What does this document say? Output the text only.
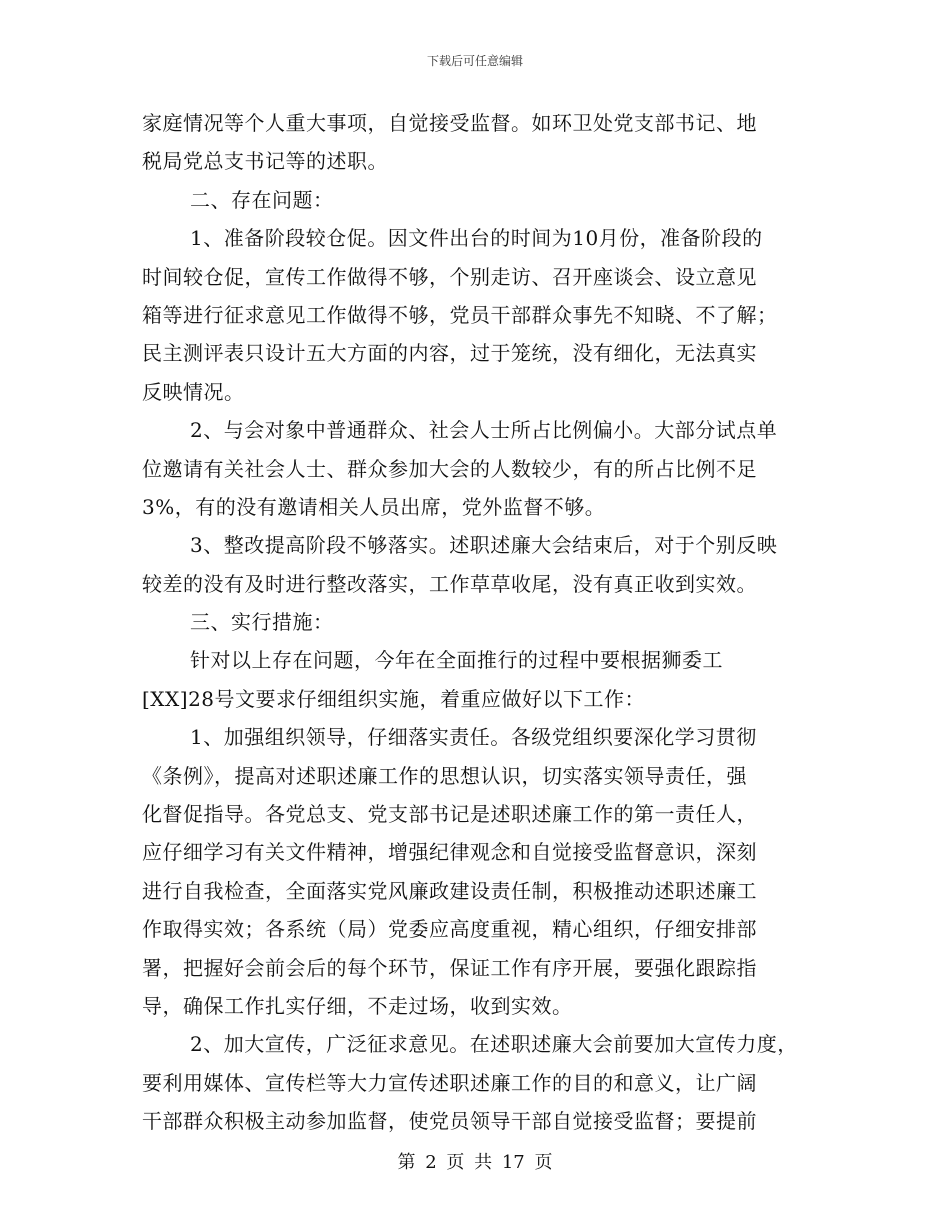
下载后可任意编辑
家庭情况等个人重大事项，自觉接受监督。如环卫处党支部书记、地
税局党总支书记等的述职。
二、存在问题：
1、准备阶段较仓促。因文件出台的时间为10月份，准备阶段的
时间较仓促，宣传工作做得不够，个别走访、召开座谈会、设立意见
箱等进行征求意见工作做得不够，党员干部群众事先不知晓、不了解；
民主测评表只设计五大方面的内容，过于笼统，没有细化，无法真实
反映情况。
2、与会对象中普通群众、社会人士所占比例偏小。大部分试点单
位邀请有关社会人士、群众参加大会的人数较少，有的所占比例不足
3%，有的没有邀请相关人员出席，党外监督不够。
3、整改提高阶段不够落实。述职述廉大会结束后，对于个别反映
较差的没有及时进行整改落实，工作草草收尾，没有真正收到实效。
三、实行措施：
针对以上存在问题，今年在全面推行的过程中要根据狮委工
[XX]28号文要求仔细组织实施，着重应做好以下工作：
1、加强组织领导，仔细落实责任。各级党组织要深化学习贯彻
《条例》，提高对述职述廉工作的思想认识，切实落实领导责任，强
化督促指导。各党总支、党支部书记是述职述廉工作的第一责任人，
应仔细学习有关文件精神，增强纪律观念和自觉接受监督意识，深刻
进行自我检查，全面落实党风廉政建设责任制，积极推动述职述廉工
作取得实效；各系统（局）党委应高度重视，精心组织，仔细安排部
署，把握好会前会后的每个环节，保证工作有序开展，要强化跟踪指
导，确保工作扎实仔细，不走过场，收到实效。
2、加大宣传，广泛征求意见。在述职述廉大会前要加大宣传力度，
要利用媒体、宣传栏等大力宣传述职述廉工作的目的和意义，让广阔
干部群众积极主动参加监督，使党员领导干部自觉接受监督；要提前
第 2 页 共 17 页
